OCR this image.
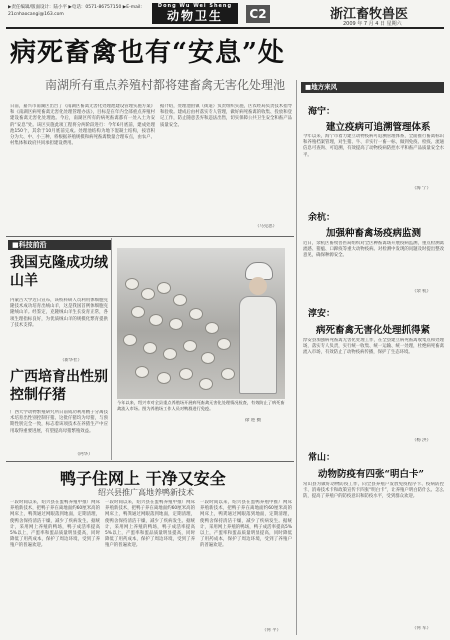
▶责任编辑/版面设计：陆小平 ▶电话：0571-86757150 ▶E-mail: 21cnhaocangi@163.com
Dong Wu Wei Sheng
动物卫生	C2	浙江畜牧兽医
2009 年 7 月 4 日 星期六
病死畜禽也有“安息”处
南湖所有重点养殖村都将建畜禽无害化处理池
日前，嘉兴市南湖区出台了《南湖区畜禽无害化处理池建设管理实施方案》和《南湖区病死畜禽无害化处理管理办法》，目标是在年内全部重点养殖村建设畜禽无害化处理池。今后，南湖区所有的病死畜禽都有一处入土为安的“安息”处。该区实施此项工程将分两阶段进行：今年6月底前，建成处理池150个，其余于10月底前完成。处理池结构为地下混凝土结构，按容积分为大、中、小三种，将根据养殖规模和病死畜禽数量合理布点，由农户、村集体和政府共同承担建设费用。
据介绍，处理池由镇（街道）负责组织实施，区农经局负责技术指导和验收。建成后由村落实专人管理，做好病死畜禽的收集、投放和登记工作，防止随意丢弃和违法出售，切实保障公共卫生安全和畜产品质量安全。
（马克思）
■科技前沿
我国克隆成功绒山羊
内蒙古大学近日宣布，该校科研人员利用体细胞克隆技术成功培育出绒山羊，这是我国首例体细胞克隆绒山羊。经鉴定，克隆绒山羊生长发育正常，各项生理指标良好，为优质绒山羊的规模化繁育提供了技术支撑。
（新华社）
广西培育出性别控制仔猪
广西大学动物繁殖研究所日前成功利用精子分离技术培育出性别控制仔猪。这批仔猪均为母猪，与预期性别完全一致，标志着该项技术在养猪生产中应用取得重要进展，有望提高母猪繁殖效益。
（阿华）
今年以来，绍兴市对全县重点养殖场开展病死畜禽无害化处理情况检查，有效防止了病死畜禽流入市场。图为养殖场工作人员对鸭群进行免疫。
徐 进 摄
鸭子住网上 干净又安全
绍兴县推广高地养鸭新技术
一段时间以来，绍兴县在蛋鸭养殖中推广网床养殖新技术，把鸭子养在离地面约60厘米高的网床上，鸭粪通过网眼落到地面，定期清理，使鸭舍保持清洁干燥，减少了疾病发生。据统计，采用网上养殖的鸭场，鸭子成活率提高5%以上，产蛋率和蛋品质量明显提高，同时降低了用药成本，保护了周边环境，受到了养殖户的普遍欢迎。
一段时间以来，绍兴县在蛋鸭养殖中推广网床养殖新技术，把鸭子养在离地面约60厘米高的网床上，鸭粪通过网眼落到地面，定期清理，使鸭舍保持清洁干燥，减少了疾病发生。据统计，采用网上养殖的鸭场，鸭子成活率提高5%以上，产蛋率和蛋品质量明显提高，同时降低了用药成本，保护了周边环境，受到了养殖户的普遍欢迎。
一段时间以来，绍兴县在蛋鸭养殖中推广网床养殖新技术，把鸭子养在离地面约60厘米高的网床上，鸭粪通过网眼落到地面，定期清理，使鸭舍保持清洁干燥，减少了疾病发生。据统计，采用网上养殖的鸭场，鸭子成活率提高5%以上，产蛋率和蛋品质量明显提高，同时降低了用药成本，保护了周边环境，受到了养殖户的普遍欢迎。
（何 平）
■地方来风
海宁：
建立疫病可追溯管理体系
今年以来，海宁市着力建立动物疫病可追溯管理体系，全面推行畜禽标识和养殖档案管理，对生猪、牛、羊实行一畜一标，做到免疫、检疫、流通信息可查询、可追溯，有效提高了动物疫病防控水平和畜产品质量安全水平。
（海 宁）
余杭：
加强种畜禽场疫病监测
近日，余杭区畜牧兽医局组织对全区种畜禽场开展疫病监测，重点检测禽流感、猪瘟、口蹄疫等重大动物疫病。对检测中发现的问题及时提出整改意见，确保种源安全。
（余 杭）
淳安：
病死畜禽无害化处理抓得紧
淳安县加强病死畜禽无害化处理工作，在全县建立病死畜禽收集点和处理场，落实专人负责，实行统一收集、统一运输、统一处理，杜绝病死畜禽流入市场，有效防止了动物疫病传播，保护了生态环境。
（杨 洪）
常山：
动物防疫有四张“明白卡”
常山县为做好动物防疫工作，向全县养殖户发放免疫程序卡、疫病防控卡、消毒技术卡和政策宣传卡四张“明白卡”，让养殖户明白防什么、怎么防，提高了养殖户的防疫意识和防疫水平，受到群众欢迎。
（何 军）
